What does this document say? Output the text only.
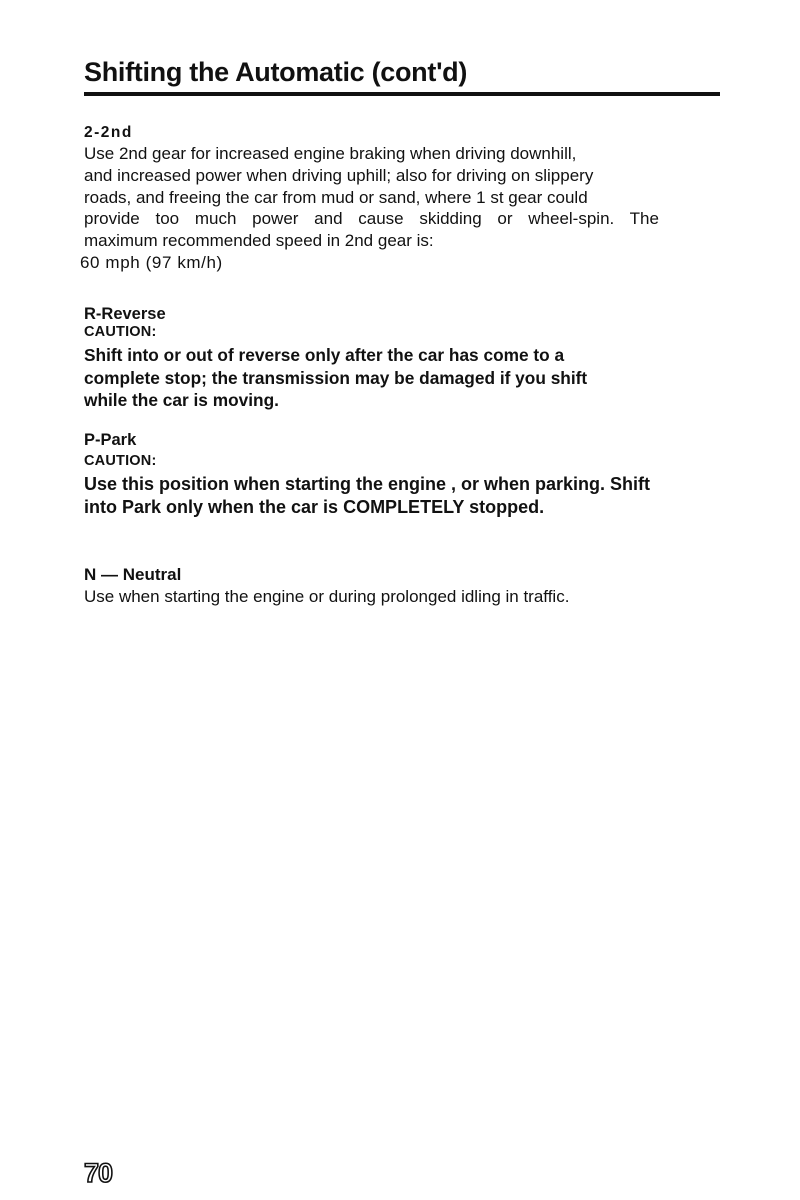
Shifting the Automatic (cont'd)

2-2nd

Use 2nd gear for increased engine braking when driving downhill,

and increased power when driving uphill; also for driving on slippery

roads, and freeing the car from mud or sand, where 1 st gear could

provide too much power and cause skidding or wheel-spin. The

maximum recommended speed in 2nd gear is:

60 mph (97 km/h)

R-Reverse

CAUTION:

Shift into or out of reverse only after the car has come to a
complete stop; the transmission may be damaged if you shift
while the car is moving.

P-Park

CAUTION:

Use this position when starting the engine , or when parking. Shift
into Park only when the car is COMPLETELY stopped.

N — Neutral

Use when starting the engine or during prolonged idling in traffic.

70
